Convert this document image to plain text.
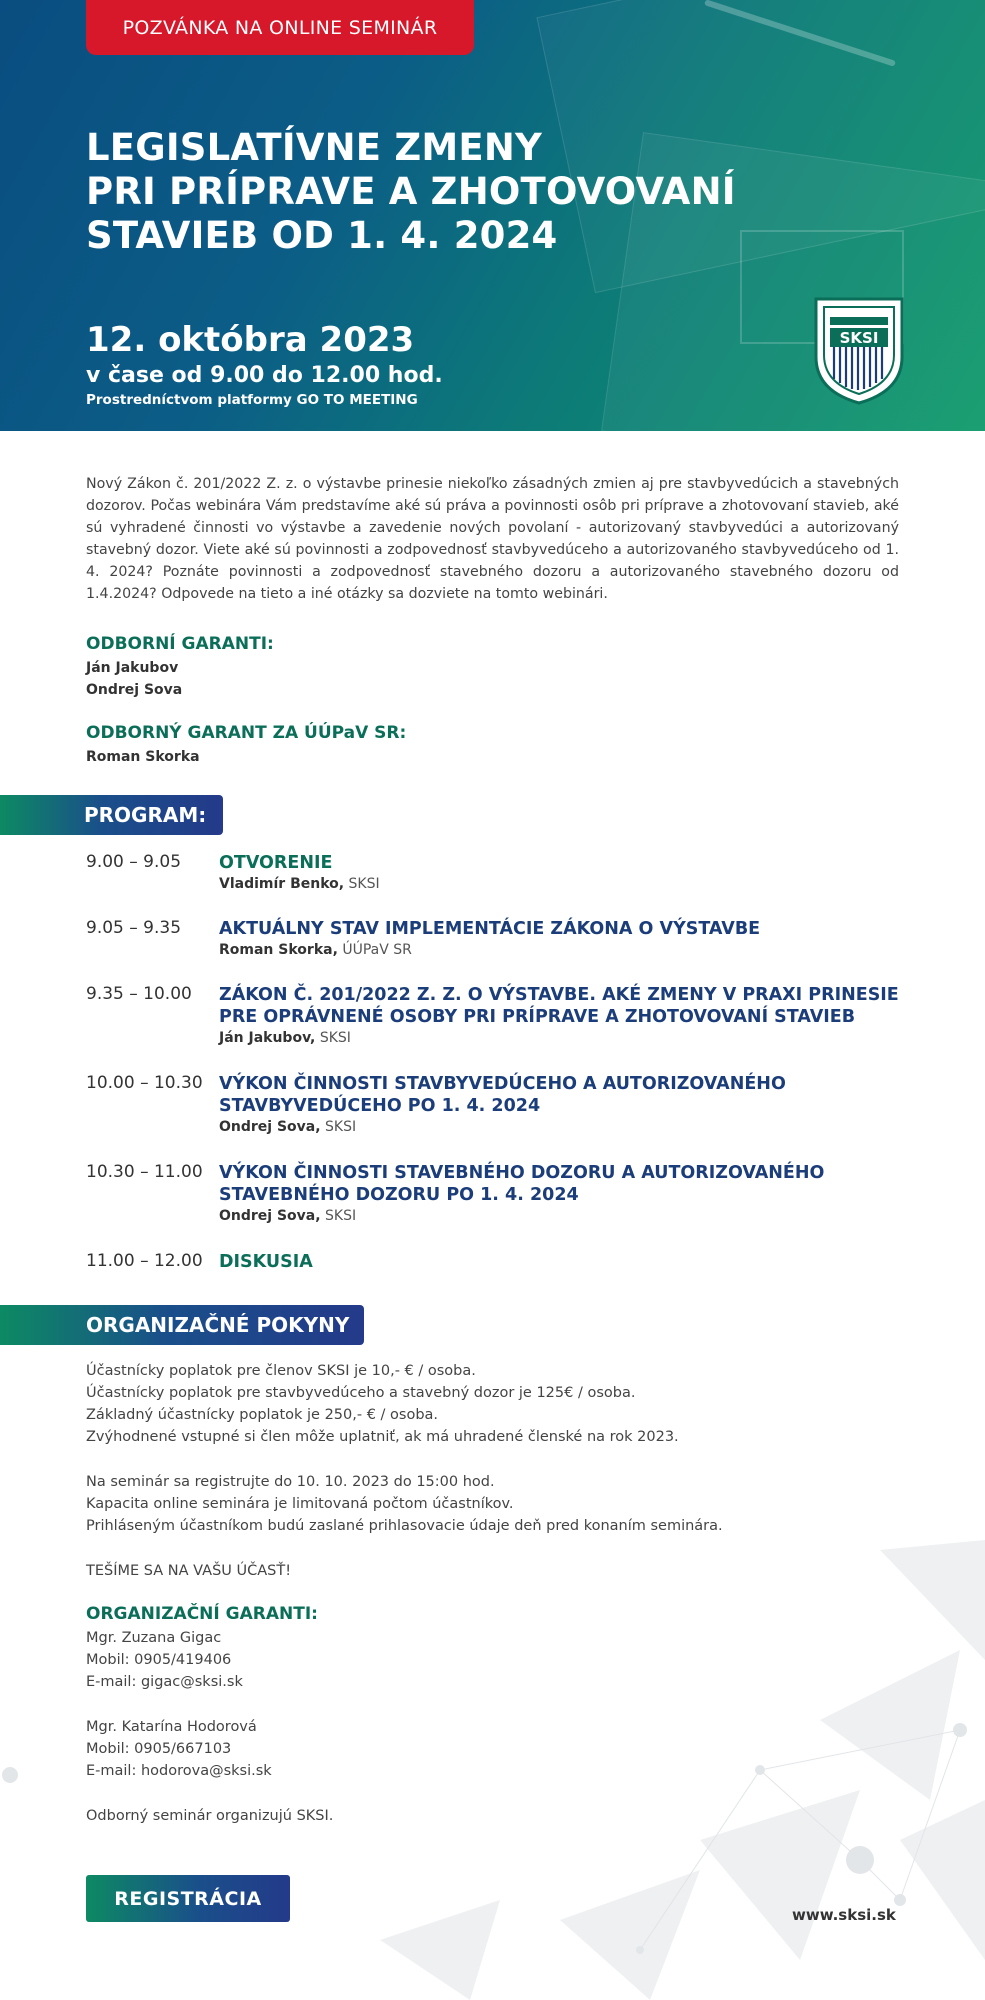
POZVÁNKA NA ONLINE SEMINÁR
LEGISLATÍVNE ZMENY
PRI PRÍPRAVE A ZHOTOVOVANÍ
STAVIEB OD 1. 4. 2024
12. októbra 2023
v čase od 9.00 do 12.00 hod.
Prostredníctvom platformy GO TO MEETING
SKSI

Nový Zákon č. 201/2022 Z. z. o výstavbe prinesie niekoľko zásadných zmien aj pre stavbyvedúcich a stavebných dozorov. Počas webinára Vám predstavíme aké sú práva a povinnosti osôb pri príprave a zhotovovaní stavieb, aké sú vyhradené činnosti vo výstavbe a zavedenie nových povolaní - autorizovaný stavbyvedúci a autorizovaný stavebný dozor. Viete aké sú povinnosti a zodpovednosť stavbyvedúceho a autorizovaného stavbyvedúceho od 1. 4. 2024? Poznáte povinnosti a zodpovednosť stavebného dozoru a autorizovaného stavebného dozoru od 1.4.2024? Odpovede na tieto a iné otázky sa dozviete na tomto webinári.

ODBORNÍ GARANTI:

Ján Jakubov

Ondrej Sova

ODBORNÝ GARANT ZA ÚÚPaV SR:

Roman Skorka

PROGRAM:
9.00 – 9.05 OTVORENIE

Vladimír Benko, SKSI
9.05 – 9.35 AKTUÁLNY STAV IMPLEMENTÁCIE ZÁKONA O VÝSTAVBE

Roman Skorka, ÚÚPaV SR
9.35 – 10.00 ZÁKON Č. 201/2022 Z. Z. O VÝSTAVBE. AKÉ ZMENY V PRAXI PRINESIE PRE OPRÁVNENÉ OSOBY PRI PRÍPRAVE A ZHOTOVOVANÍ STAVIEB

Ján Jakubov, SKSI
10.00 – 10.30 VÝKON ČINNOSTI STAVBYVEDÚCEHO A AUTORIZOVANÉHO STAVBYVEDÚCEHO PO 1. 4. 2024

Ondrej Sova, SKSI
10.30 – 11.00 VÝKON ČINNOSTI STAVEBNÉHO DOZORU A AUTORIZOVANÉHO STAVEBNÉHO DOZORU PO 1. 4. 2024

Ondrej Sova, SKSI
11.00 – 12.00 DISKUSIA

ORGANIZAČNÉ POKYNY

Účastnícky poplatok pre členov SKSI je 10,- € / osoba.

Účastnícky poplatok pre stavbyvedúceho a stavebný dozor je 125€ / osoba.

Základný účastnícky poplatok je 250,- € / osoba.

Zvýhodnené vstupné si člen môže uplatniť, ak má uhradené členské na rok 2023.

Na seminár sa registrujte do 10. 10. 2023 do 15:00 hod.

Kapacita online seminára je limitovaná počtom účastníkov.

Prihláseným účastníkom budú zaslané prihlasovacie údaje deň pred konaním seminára.

TEŠÍME SA NA VAŠU ÚČASŤ!

ORGANIZAČNÍ GARANTI:

Mgr. Zuzana Gigac

Mobil: 0905/419406

E-mail: gigac@sksi.sk

Mgr. Katarína Hodorová

Mobil: 0905/667103

E-mail: hodorova@sksi.sk

Odborný seminár organizujú SKSI.

REGISTRÁCIA
www.sksi.sk
